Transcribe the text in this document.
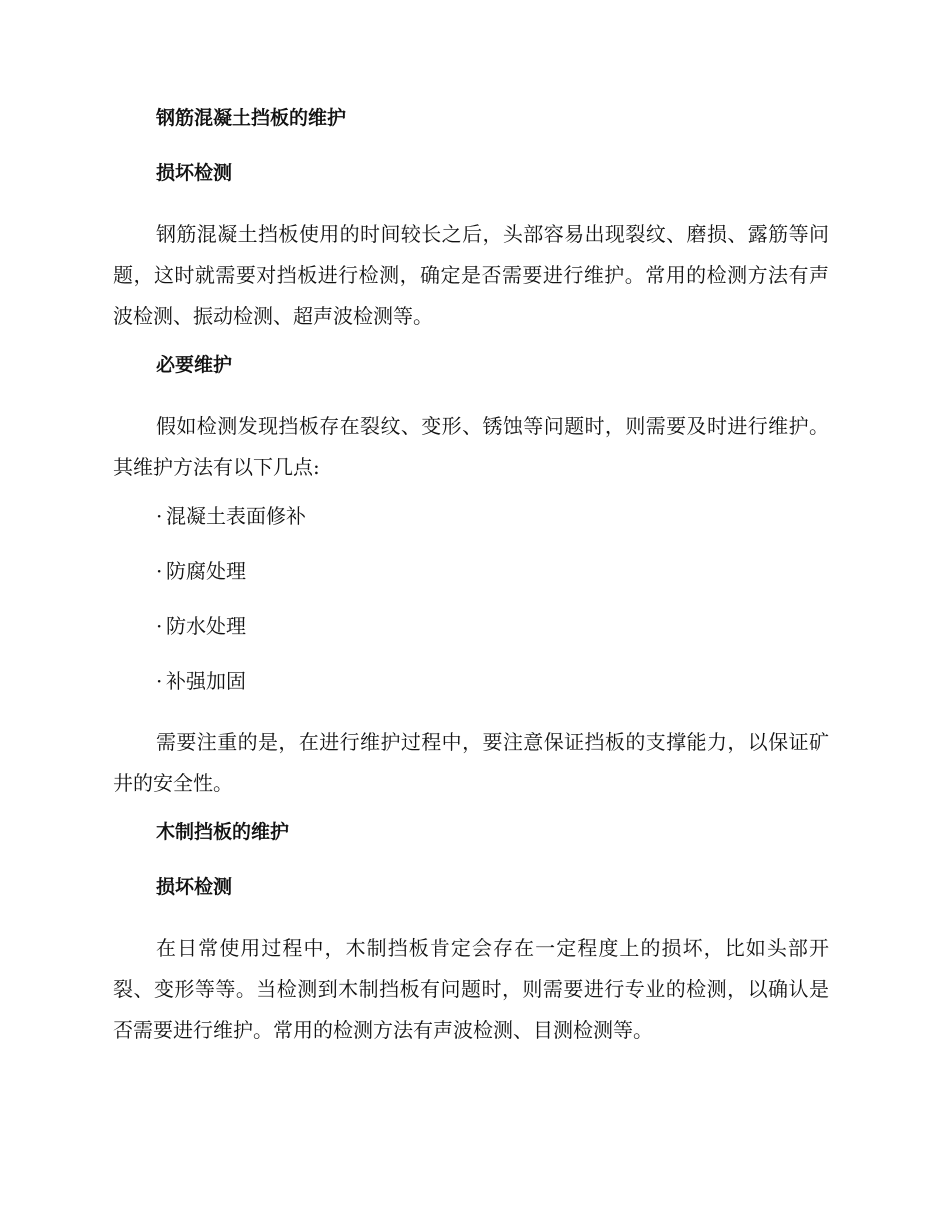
钢筋混凝土挡板的维护
损坏检测

钢筋混凝土挡板使用的时间较长之后，头部容易出现裂纹、磨损、露筋等问题，这时就需要对挡板进行检测，确定是否需要进行维护。常用的检测方法有声波检测、振动检测、超声波检测等。

必要维护

假如检测发现挡板存在裂纹、变形、锈蚀等问题时，则需要及时进行维护。其维护方法有以下几点:

· 混凝土表面修补
· 防腐处理
· 防水处理
· 补强加固

需要注重的是，在进行维护过程中，要注意保证挡板的支撑能力，以保证矿井的安全性。

木制挡板的维护
损坏检测

在日常使用过程中，木制挡板肯定会存在一定程度上的损坏，比如头部开裂、变形等等。当检测到木制挡板有问题时，则需要进行专业的检测，以确认是否需要进行维护。常用的检测方法有声波检测、目测检测等。
